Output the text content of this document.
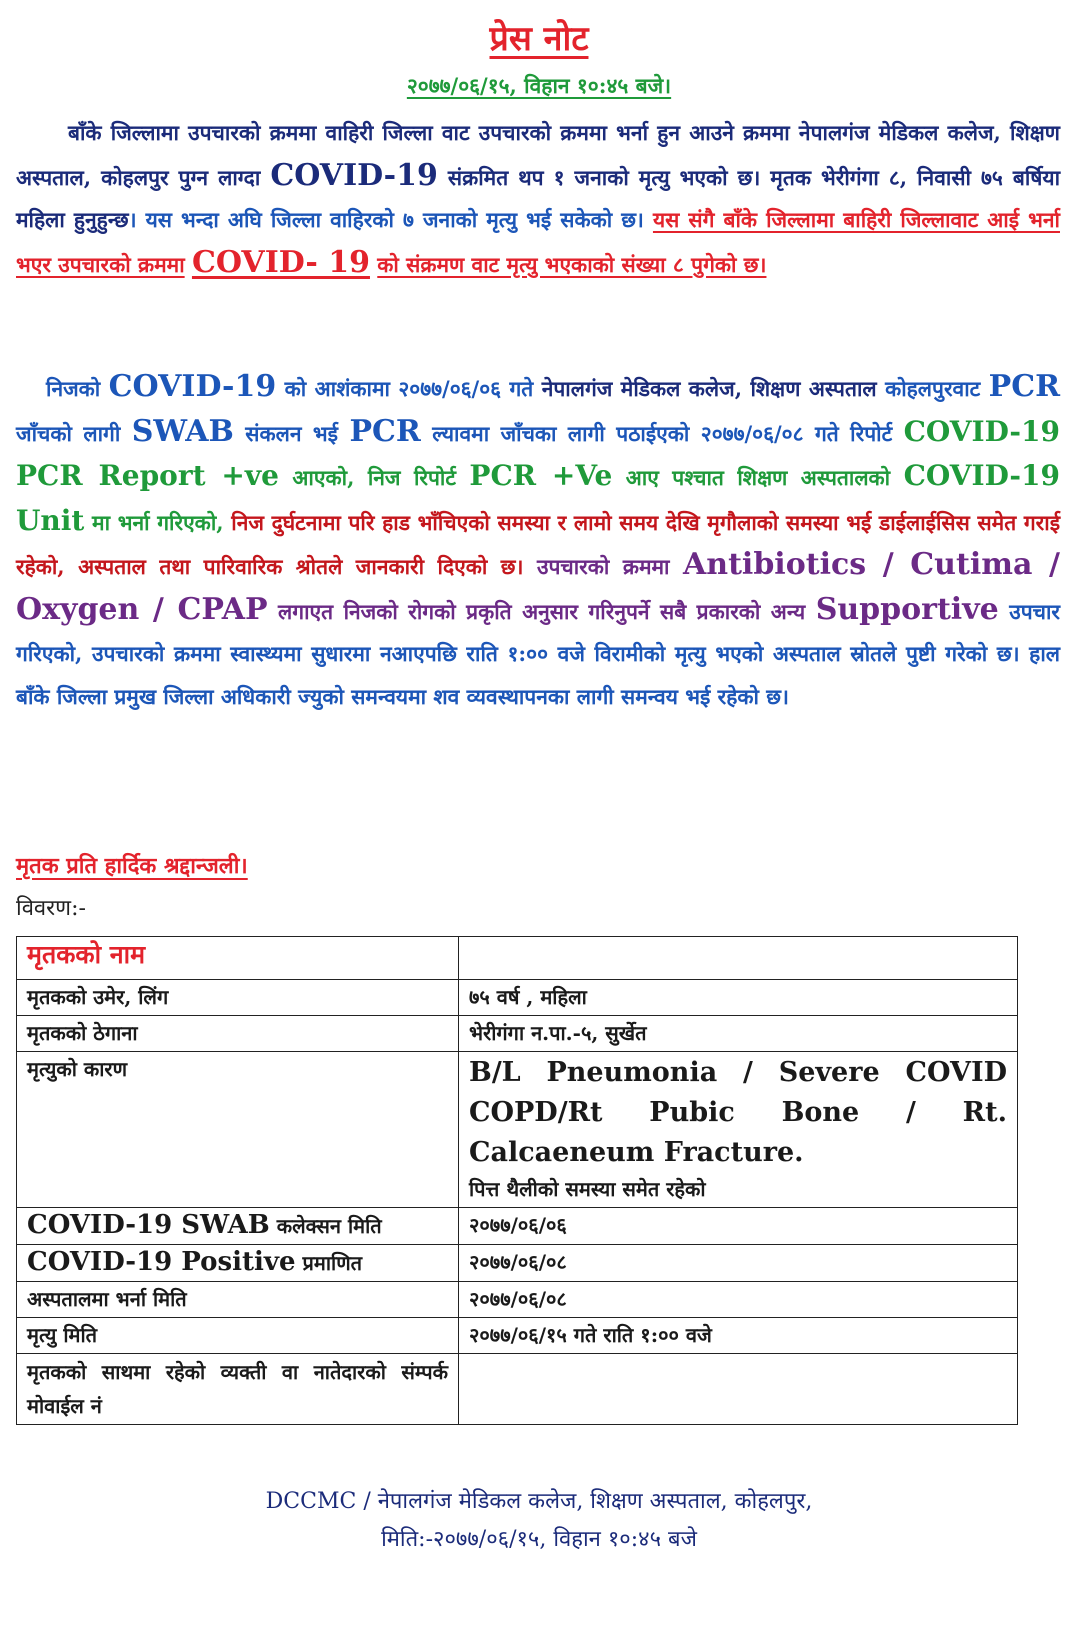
प्रेस नोट
२०७७/०६/१५, विहान १०:४५ बजे।
बाँके जिल्लामा उपचारको क्रममा वाहिरी जिल्ला वाट उपचारको क्रममा भर्ना हुन आउने क्रममा नेपालगंज मेडिकल कलेज, शिक्षण अस्पताल, कोहलपुर पुग्न लाग्दा COVID-19 संक्रमित थप १ जनाको मृत्यु भएको छ। मृतक भेरीगंगा ८, निवासी ७५ बर्षिया महिला हुनुहुन्छ। यस भन्दा अघि जिल्ला वाहिरको ७ जनाको मृत्यु भई सकेको छ। यस संगै बाँके जिल्लामा बाहिरी जिल्लावाट आई भर्ना भएर उपचारको क्रममा COVID- 19 को संक्रमण वाट मृत्यु भएकाको संख्या ८ पुगेको छ।
निजको COVID-19 को आशंकामा २०७७/०६/०६ गते नेपालगंज मेडिकल कलेज, शिक्षण अस्पताल कोहलपुरवाट PCR जाँचको लागी SWAB संकलन भई PCR ल्यावमा जाँचका लागी पठाईएको २०७७/०६/०८ गते रिपोर्ट COVID-19 PCR Report +ve आएको, निज रिपोर्ट PCR +Ve आए पश्चात शिक्षण अस्पतालको COVID-19 Unit मा भर्ना गरिएको, निज दुर्घटनामा परि हाड भाँचिएको समस्या र लामो समय देखि मृगौलाको समस्या भई डाईलाईसिस समेत गराई रहेको, अस्पताल तथा पारिवारिक श्रोतले जानकारी दिएको छ। उपचारको क्रममा Antibiotics / Cutima / Oxygen / CPAP लगाएत निजको रोगको प्रकृति अनुसार गरिनुपर्ने सबै प्रकारको अन्य Supportive उपचार गरिएको, उपचारको क्रममा स्वास्थ्यमा सुधारमा नआएपछि राति १:०० वजे विरामीको मृत्यु भएको अस्पताल स्रोतले पुष्टी गरेको छ। हाल बाँके जिल्ला प्रमुख जिल्ला अधिकारी ज्युको समन्वयमा शव व्यवस्थापनका लागी समन्वय भई रहेको छ।
मृतक प्रति हार्दिक श्रद्दान्जली।
विवरण:-
मृतकको नाम	
मृतकको उमेर, लिंग	७५ वर्ष , महिला
मृतकको ठेगाना	भेरीगंगा न.पा.-५, सुर्खेत
मृत्युको कारण	B/L Pneumonia / Severe COVID COPD/Rt Pubic Bone / Rt. Calcaeneum Fracture.
पित्त थैलीको समस्या समेत रहेको
COVID-19 SWAB कलेक्सन मिति	२०७७/०६/०६
COVID-19 Positive प्रमाणित	२०७७/०६/०८
अस्पतालमा भर्ना मिति	२०७७/०६/०८
मृत्यु मिति	२०७७/०६/१५ गते राति १:०० वजे
मृतकको साथमा रहेको व्यक्ती वा नातेदारको संम्पर्क मोवाईल नं	
DCCMC / नेपालगंज मेडिकल कलेज, शिक्षण अस्पताल, कोहलपुर,
मिति:-२०७७/०६/१५, विहान १०:४५ बजे
